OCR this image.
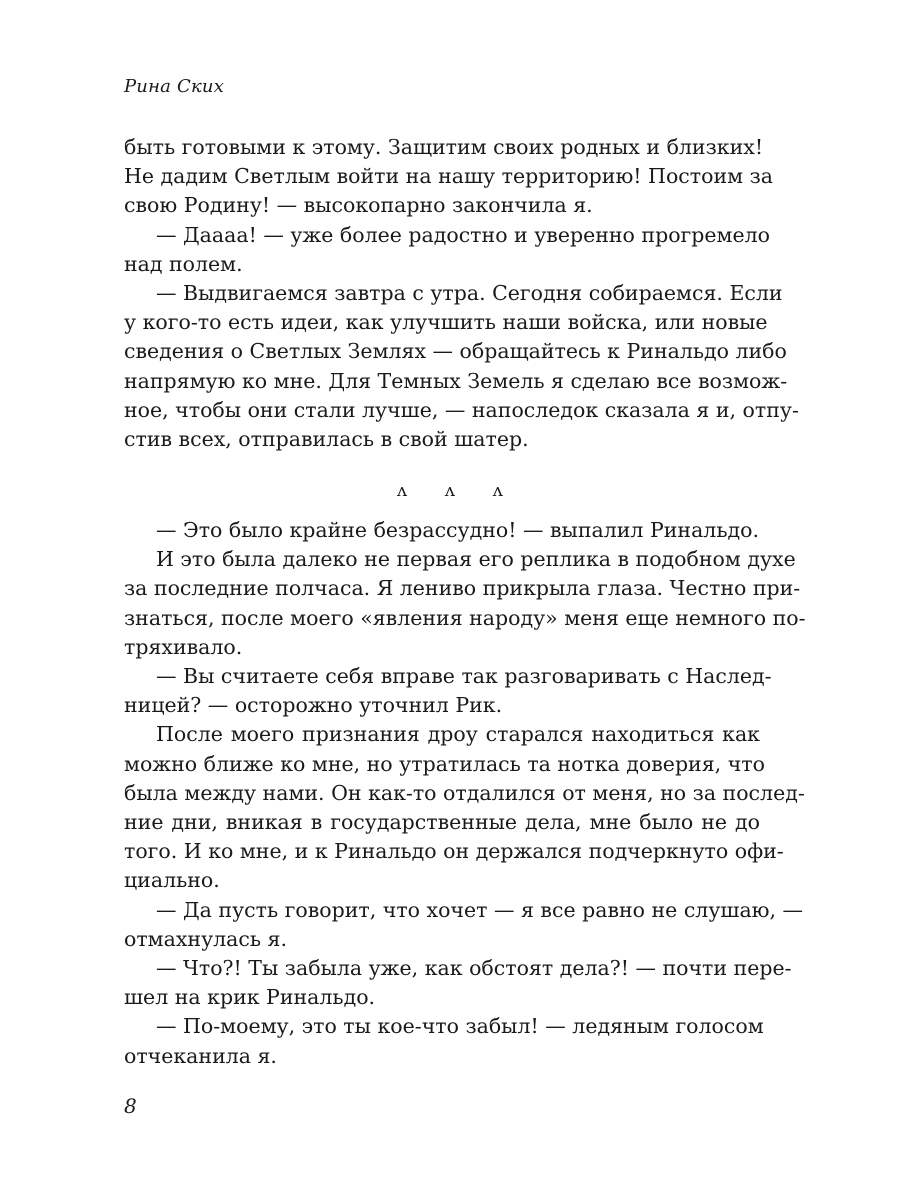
Рина Ских

быть готовыми к этому. Защитим своих родных и близких!

Не дадим Светлым войти на нашу территорию! Постоим за

свою Родину! — высокопарно закончила я.

— Даааа! — уже более радостно и уверенно прогремело

над полем.

— Выдвигаемся завтра с утра. Сегодня собираемся. Если

у кого-то есть идеи, как улучшить наши войска, или новые

сведения о Светлых Землях — обращайтесь к Ринальдо либо

напрямую ко мне. Для Темных Земель я сделаю все возмож-

ное, чтобы они стали лучше, — напоследок сказала я и, отпу-

стив всех, отправилась в свой шатер.

ʌ ʌ ʌ

— Это было крайне безрассудно! — выпалил Ринальдо.

И это была далеко не первая его реплика в подобном духе

за последние полчаса. Я лениво прикрыла глаза. Честно при-

знаться, после моего «явления народу» меня еще немного по-

тряхивало.

— Вы считаете себя вправе так разговаривать с Наслед-

ницей? — осторожно уточнил Рик.

После моего признания дроу старался находиться как

можно ближе ко мне, но утратилась та нотка доверия, что

была между нами. Он как-то отдалился от меня, но за послед-

ние дни, вникая в государственные дела, мне было не до

того. И ко мне, и к Ринальдо он держался подчеркнуто офи-

циально.

— Да пусть говорит, что хочет — я все равно не слушаю, —

отмахнулась я.

— Что?! Ты забыла уже, как обстоят дела?! — почти пере-

шел на крик Ринальдо.

— По-моему, это ты кое-что забыл! — ледяным голосом

отчеканила я.

8
